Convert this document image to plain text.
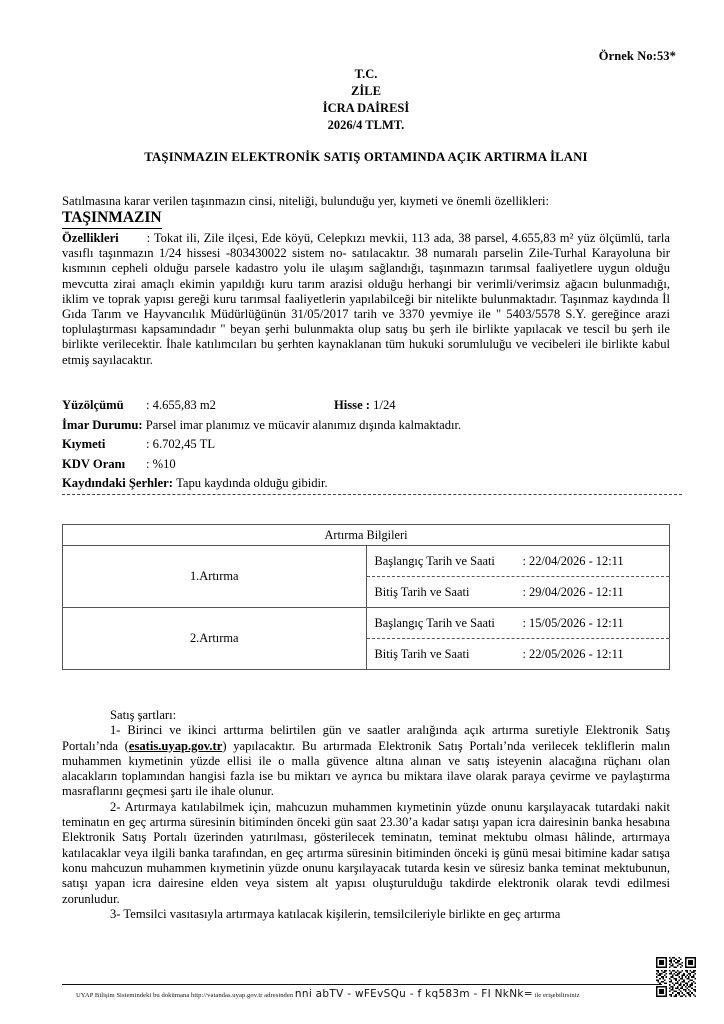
Örnek No:53*
T.C.
ZİLE
İCRA DAİRESİ
2026/4 TLMT.
TAŞINMAZIN ELEKTRONİK SATIŞ ORTAMINDA AÇIK ARTIRMA İLANI
Satılmasına karar verilen taşınmazın cinsi, niteliği, bulunduğu yer, kıymeti ve önemli özellikleri:
TAŞINMAZIN
Özellikleri : Tokat ili, Zile ilçesi, Ede köyü, Celepkızı mevkii, 113 ada, 38 parsel, 4.655,83 m² yüz ölçümlü, tarla vasıflı taşınmazın 1/24 hissesi -803430022 sistem no- satılacaktır. 38 numaralı parselin Zile-Turhal Karayoluna bir kısmının cepheli olduğu parsele kadastro yolu ile ulaşım sağlandığı, taşınmazın tarımsal faaliyetlere uygun olduğu mevcutta zirai amaçlı ekimin yapıldığı kuru tarım arazisi olduğu herhangi bir verimli/verimsiz ağacın bulunmadığı, iklim ve toprak yapısı gereği kuru tarımsal faaliyetlerin yapılabilceği bir nitelikte bulunmaktadır. Taşınmaz kaydında İl Gıda Tarım ve Hayvancılık Müdürlüğünün 31/05/2017 tarih ve 3370 yevmiye ile " 5403/5578 S.Y. gereğince arazi toplulaştırması kapsamındadır " beyan şerhi bulunmakta olup satış bu şerh ile birlikte yapılacak ve tescil bu şerh ile birlikte verilecektir. İhale katılımcıları bu şerhten kaynaklanan tüm hukuki sorumluluğu ve vecibeleri ile birlikte kabul etmiş sayılacaktır.
Yüzölçümü : 4.655,83 m2	Hisse : 1/24
İmar Durumu: Parsel imar planımız ve mücavir alanımız dışında kalmaktadır.
Kıymeti	: 6.702,45 TL
KDV Oranı : %10
Kaydındaki Şerhler: Tapu kaydında olduğu gibidir.
Artırma Bilgileri
1.Artırma	
Başlangıç Tarih ve Saati : 22/04/2026 - 12:11

Bitiş Tarih ve Saati	: 29/04/2026 - 12:11

2.Artırma	
Başlangıç Tarih ve Saati : 15/05/2026 - 12:11

Bitiş Tarih ve Saati	: 22/05/2026 - 12:11

Satış şartları:

1- Birinci ve ikinci arttırma belirtilen gün ve saatler aralığında açık artırma suretiyle Elektronik Satış Portalı’nda (esatis.uyap.gov.tr) yapılacaktır. Bu artırmada Elektronik Satış Portalı’nda verilecek tekliflerin malın muhammen kıymetinin yüzde ellisi ile o malla güvence altına alınan ve satış isteyenin alacağına rüçhanı olan alacakların toplamından hangisi fazla ise bu miktarı ve ayrıca bu miktara ilave olarak paraya çevirme ve paylaştırma masraflarını geçmesi şartı ile ihale olunur.

2- Artırmaya katılabilmek için, mahcuzun muhammen kıymetinin yüzde onunu karşılayacak tutardaki nakit teminatın en geç artırma süresinin bitiminden önceki gün saat 23.30’a kadar satışı yapan icra dairesinin banka hesabına Elektronik Satış Portalı üzerinden yatırılması, gösterilecek teminatın, teminat mektubu olması hâlinde, artırmaya katılacaklar veya ilgili banka tarafından, en geç artırma süresinin bitiminden önceki iş günü mesai bitimine kadar satışa konu mahcuzun muhammen kıymetinin yüzde onunu karşılayacak tutarda kesin ve süresiz banka teminat mektubunun, satışı yapan icra dairesine elden veya sistem alt yapısı oluşturulduğu takdirde elektronik olarak tevdi edilmesi zorunludur.

3- Temsilci vasıtasıyla artırmaya katılacak kişilerin, temsilcileriyle birlikte en geç artırma

UYAP Bilişim Sistemindeki bu dokümana http://vatandas.uyap.gov.tr adresinden nni abTV - wFEvSQu - f kq583m - FI NkNk= ile erişebilirsiniz
